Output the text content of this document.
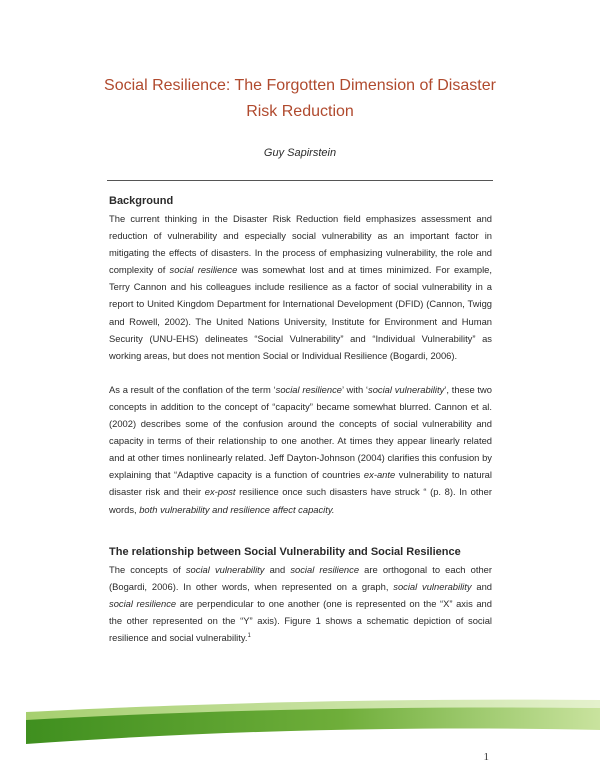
Social Resilience: The Forgotten Dimension of Disaster
Risk Reduction
Guy Sapirstein

Background

The current thinking in the Disaster Risk Reduction field emphasizes assessment and reduction of vulnerability and especially social vulnerability as an important factor in mitigating the effects of disasters. In the process of emphasizing vulnerability, the role and complexity of social resilience was somewhat lost and at times minimized. For example, Terry Cannon and his colleagues include resilience as a factor of social vulnerability in a report to United Kingdom Department for International Development (DFID) (Cannon, Twigg and Rowell, 2002). The United Nations University, Institute for Environment and Human Security (UNU-EHS) delineates “Social Vulnerability” and “Individual Vulnerability” as working areas, but does not mention Social or Individual Resilience (Bogardi, 2006).

As a result of the conflation of the term ‘social resilience’ with ‘social vulnerability’, these two concepts in addition to the concept of “capacity” became somewhat blurred. Cannon et al. (2002) describes some of the confusion around the concepts of social vulnerability and capacity in terms of their relationship to one another. At times they appear linearly related and at other times nonlinearly related. Jeff Dayton-Johnson (2004) clarifies this confusion by explaining that “Adaptive capacity is a function of countries ex-ante vulnerability to natural disaster risk and their ex-post resilience once such disasters have struck “ (p. 8). In other words, both vulnerability and resilience affect capacity.

The relationship between Social Vulnerability and Social Resilience

The concepts of social vulnerability and social resilience are orthogonal to each other (Bogardi, 2006). In other words, when represented on a graph, social vulnerability and social resilience are perpendicular to one another (one is represented on the “X” axis and the other represented on the “Y” axis). Figure 1 shows a schematic depiction of social resilience and social vulnerability.$^1$

1
